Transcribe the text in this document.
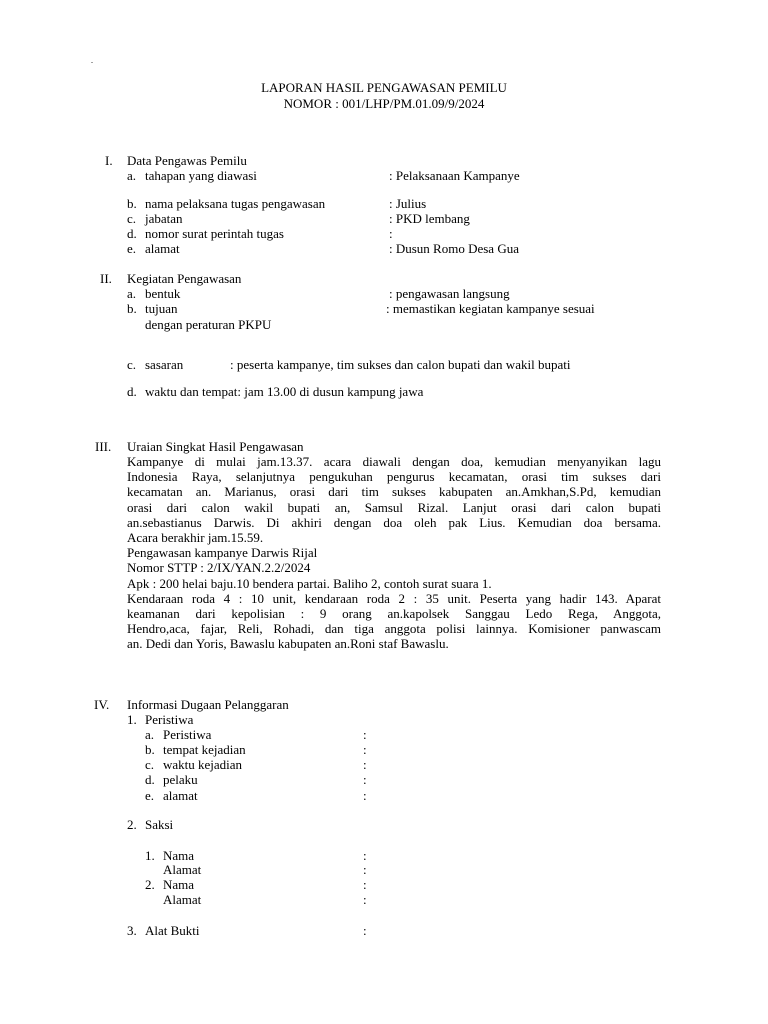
.
LAPORAN HASIL PENGAWASAN PEMILU
NOMOR : 001/LHP/PM.01.09/9/2024
I. Data Pengawas Pemilu
a. tahapan yang diawasi	: Pelaksanaan Kampanye
b. nama pelaksana tugas pengawasan	: Julius
c. jabatan	: PKD lembang
d. nomor surat perintah tugas	:
e. alamat	: Dusun Romo Desa Gua
II. Kegiatan Pengawasan
a. bentuk	: pengawasan langsung
b. tujuan	: memastikan kegiatan kampanye sesuai
dengan peraturan PKPU
c. sasaran	: peserta kampanye, tim sukses dan calon bupati dan wakil bupati
d. waktu dan tempat: jam 13.00 di dusun kampung jawa
III. Uraian Singkat Hasil Pengawasan
Kampanye di mulai jam.13.37. acara diawali dengan doa, kemudian menyanyikan lagu
Indonesia Raya, selanjutnya pengukuhan pengurus kecamatan, orasi tim sukses dari
kecamatan an. Marianus, orasi dari tim sukses kabupaten an.Amkhan,S.Pd, kemudian
orasi dari calon wakil bupati an, Samsul Rizal. Lanjut orasi dari calon bupati
an.sebastianus Darwis. Di akhiri dengan doa oleh pak Lius. Kemudian doa bersama.
Acara berakhir jam.15.59.
Pengawasan kampanye Darwis Rijal
Nomor STTP : 2/IX/YAN.2.2/2024
Apk : 200 helai baju.10 bendera partai. Baliho 2, contoh surat suara 1.
Kendaraan roda 4 : 10 unit, kendaraan roda 2 : 35 unit. Peserta yang hadir 143. Aparat
keamanan dari kepolisian : 9 orang an.kapolsek Sanggau Ledo Rega, Anggota,
Hendro,aca, fajar, Reli, Rohadi, dan tiga anggota polisi lainnya. Komisioner panwascam
an. Dedi dan Yoris, Bawaslu kabupaten an.Roni staf Bawaslu.
IV. Informasi Dugaan Pelanggaran
1. Peristiwa
a. Peristiwa	:
b. tempat kejadian	:
c. waktu kejadian	:
d. pelaku	:
e. alamat	:
2. Saksi
1. Nama	:
Alamat	:
2. Nama	:
Alamat	:
3. Alat Bukti	:
